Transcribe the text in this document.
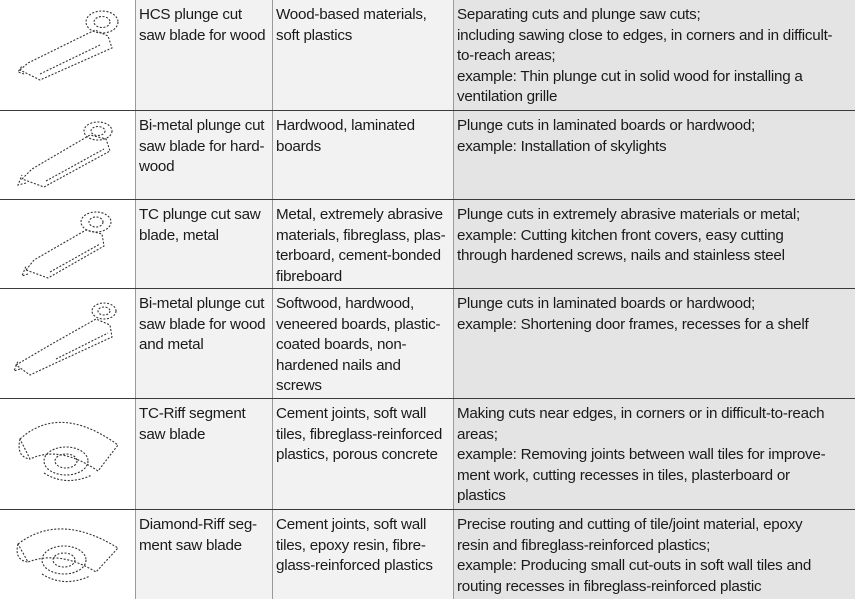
HCS plunge cut
saw blade for wood
Wood-based materials,
soft plastics
Separating cuts and plunge saw cuts;
including sawing close to edges, in corners and in difficult-
to-reach areas;
example: Thin plunge cut in solid wood for installing a
ventilation grille
Bi-metal plunge cut
saw blade for hard-
wood
Hardwood, laminated
boards
Plunge cuts in laminated boards or hardwood;
example: Installation of skylights
TC plunge cut saw
blade, metal
Metal, extremely abrasive
materials, fibreglass, plas-
terboard, cement-bonded
fibreboard
Plunge cuts in extremely abrasive materials or metal;
example: Cutting kitchen front covers, easy cutting
through hardened screws, nails and stainless steel
Bi-metal plunge cut
saw blade for wood
and metal
Softwood, hardwood,
veneered boards, plastic-
coated boards, non-
hardened nails and
screws
Plunge cuts in laminated boards or hardwood;
example: Shortening door frames, recesses for a shelf
TC-Riff segment
saw blade
Cement joints, soft wall
tiles, fibreglass-reinforced
plastics, porous concrete
Making cuts near edges, in corners or in difficult-to-reach
areas;
example: Removing joints between wall tiles for improve-
ment work, cutting recesses in tiles, plasterboard or
plastics
Diamond-Riff seg-
ment saw blade
Cement joints, soft wall
tiles, epoxy resin, fibre-
glass-reinforced plastics
Precise routing and cutting of tile/joint material, epoxy
resin and fibreglass-reinforced plastics;
example: Producing small cut-outs in soft wall tiles and
routing recesses in fibreglass-reinforced plastic
